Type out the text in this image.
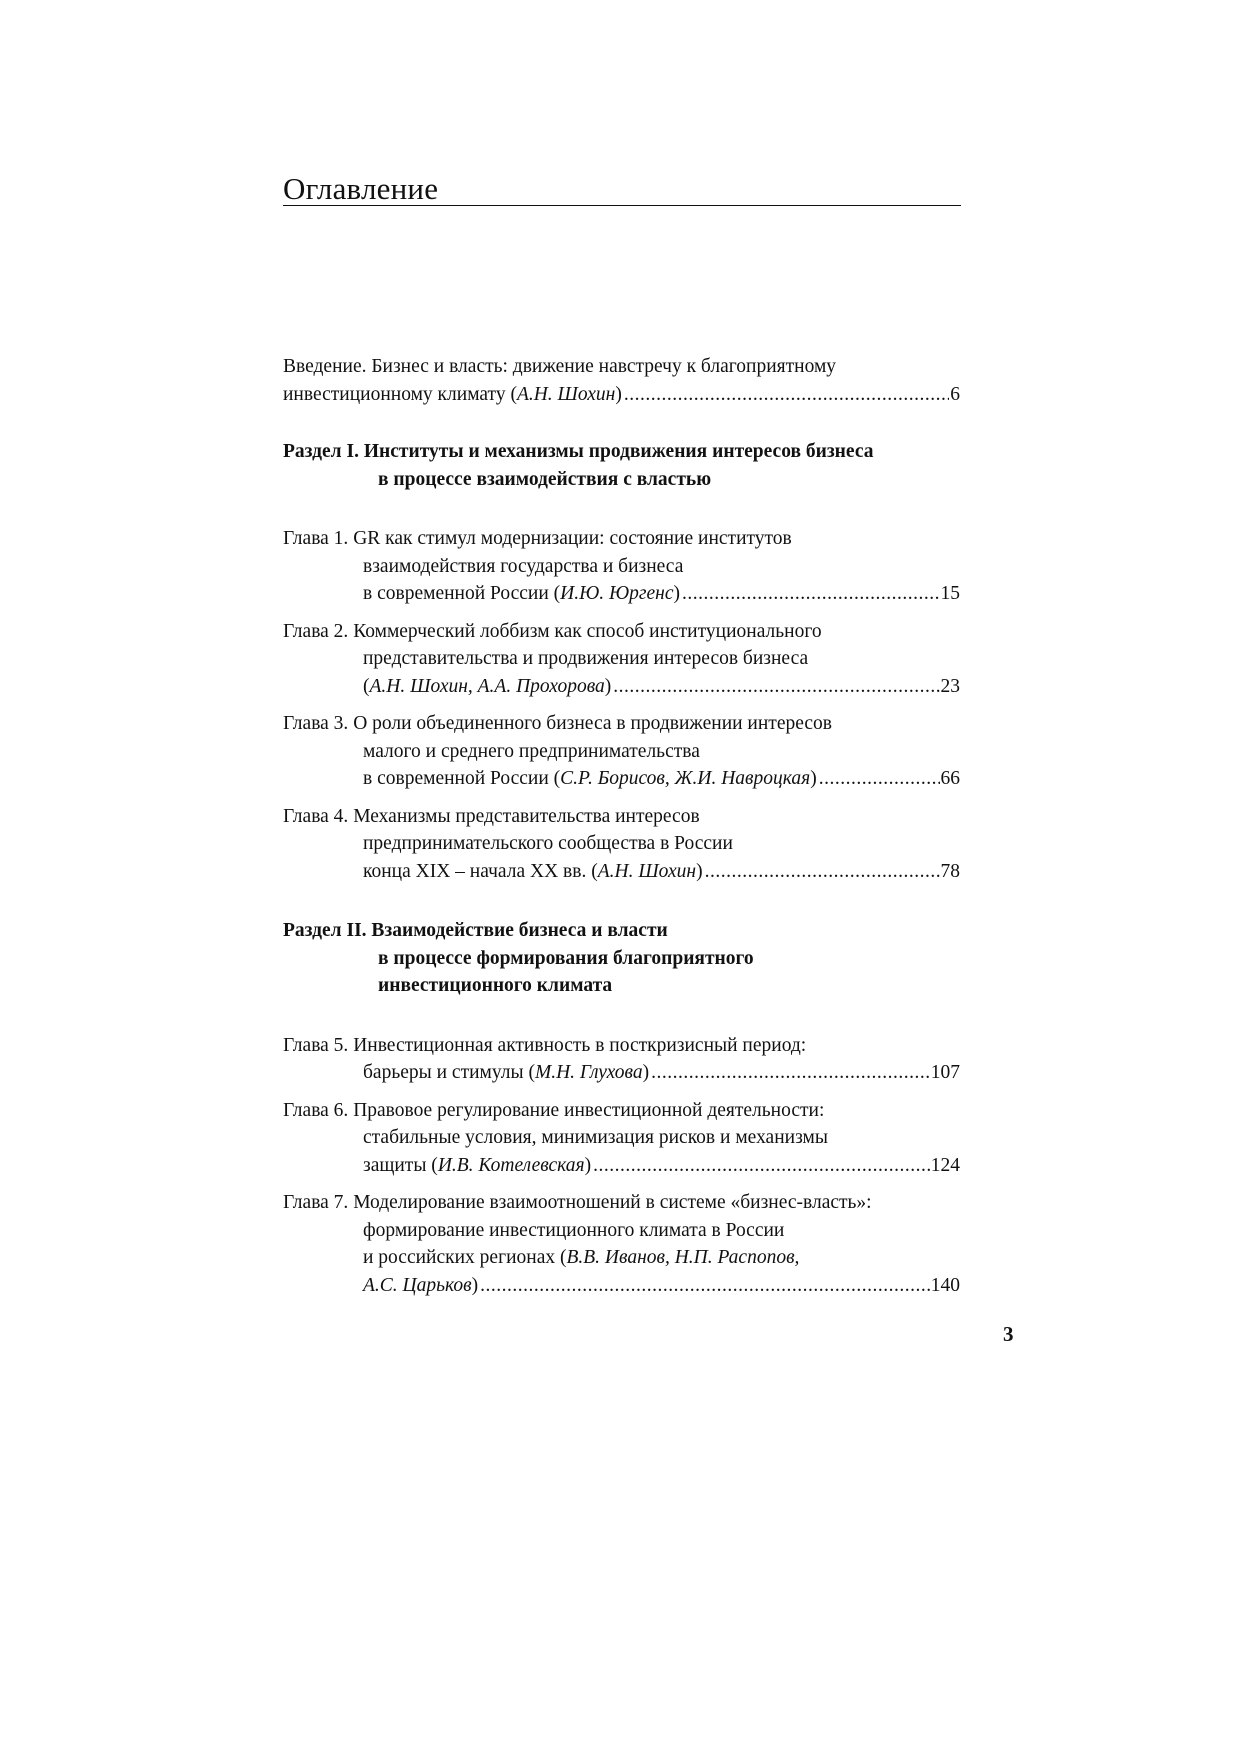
Оглавление
Введение. Бизнес и власть: движение навстречу к благоприятному
инвестиционному климату (А.Н. Шохин) .....	6
Раздел I. Институты и механизмы продвижения интересов бизнеса
в процессе взаимодействия с властью
Глава 1. GR как стимул модернизации: состояние институтов
взаимодействия государства и бизнеса
в современной России (И.Ю. Юргенс) .....	15
Глава 2. Коммерческий лоббизм как способ институционального
представительства и продвижения интересов бизнеса
(А.Н. Шохин, А.А. Прохорова) .....	23
Глава 3. О роли объединенного бизнеса в продвижении интересов
малого и среднего предпринимательства
в современной России (С.Р. Борисов, Ж.И. Навроцкая) .....	66
Глава 4. Механизмы представительства интересов
предпринимательского сообщества в России
конца XIX – начала XX вв. (А.Н. Шохин) .....	78
Раздел II. Взаимодействие бизнеса и власти
в процессе формирования благоприятного
инвестиционного климата
Глава 5. Инвестиционная активность в посткризисный период:
барьеры и стимулы (М.Н. Глухова) .....	107
Глава 6. Правовое регулирование инвестиционной деятельности:
стабильные условия, минимизация рисков и механизмы
защиты (И.В. Котелевская) .....	124
Глава 7. Моделирование взаимоотношений в системе «бизнес-власть»:
формирование инвестиционного климата в России
и российских регионах (В.В. Иванов, Н.П. Распопов,
А.С. Царьков) .....	140
3
